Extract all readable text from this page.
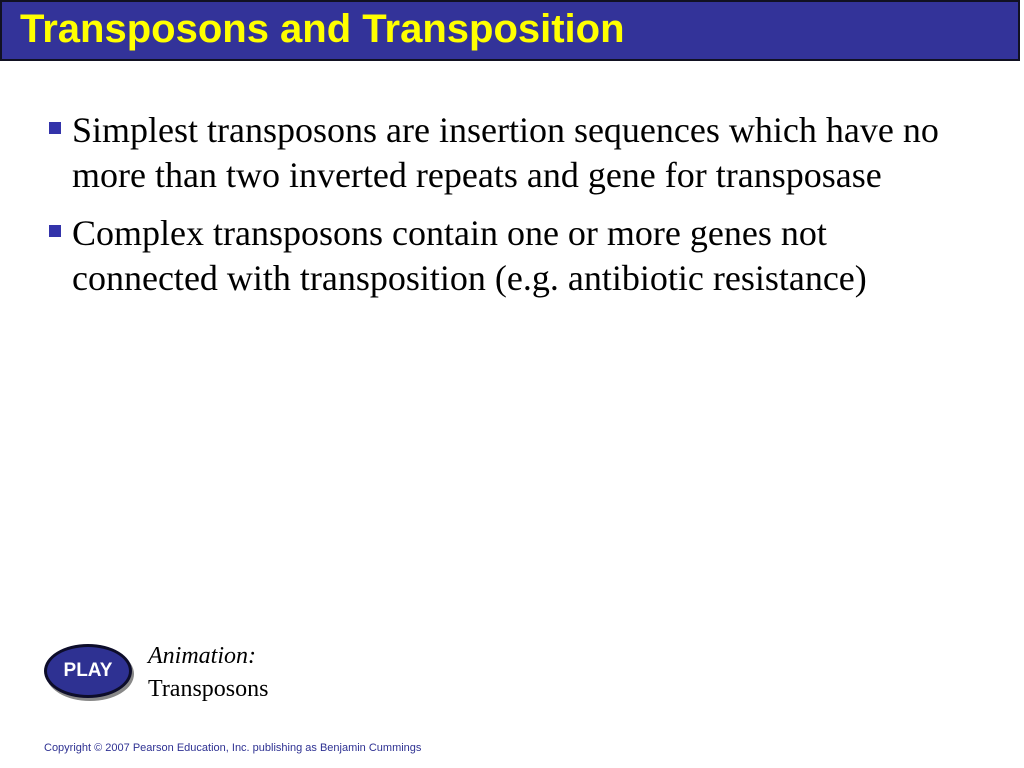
Transposons and Transposition
Simplest transposons are insertion sequences which have no more than two inverted repeats and gene for transposase
Complex transposons contain one or more genes not connected with transposition (e.g. antibiotic resistance)
PLAY
Animation:
Transposons
Copyright © 2007 Pearson Education, Inc. publishing as Benjamin Cummings
